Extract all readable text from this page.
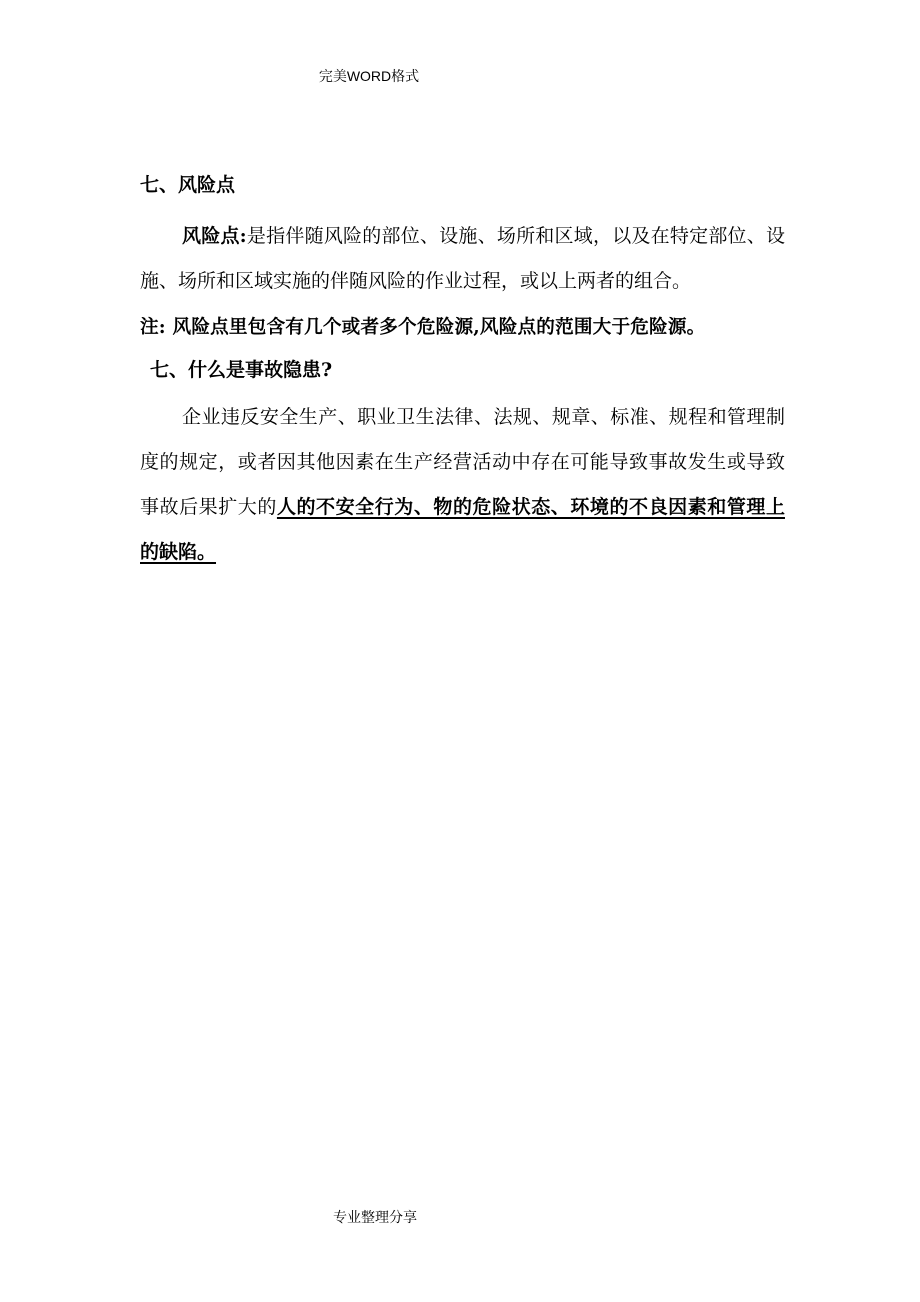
完美WORD格式
七、风险点

风险点:是指伴随风险的部位、设施、场所和区域，以及在特定部位、设施、场所和区域实施的伴随风险的作业过程，或以上两者的组合。

注: 风险点里包含有几个或者多个危险源,风险点的范围大于危险源。

七、什么是事故隐患?

企业违反安全生产、职业卫生法律、法规、规章、标准、规程和管理制度的规定，或者因其他因素在生产经营活动中存在可能导致事故发生或导致事故后果扩大的人的不安全行为、物的危险状态、环境的不良因素和管理上的缺陷。

专业整理分享
